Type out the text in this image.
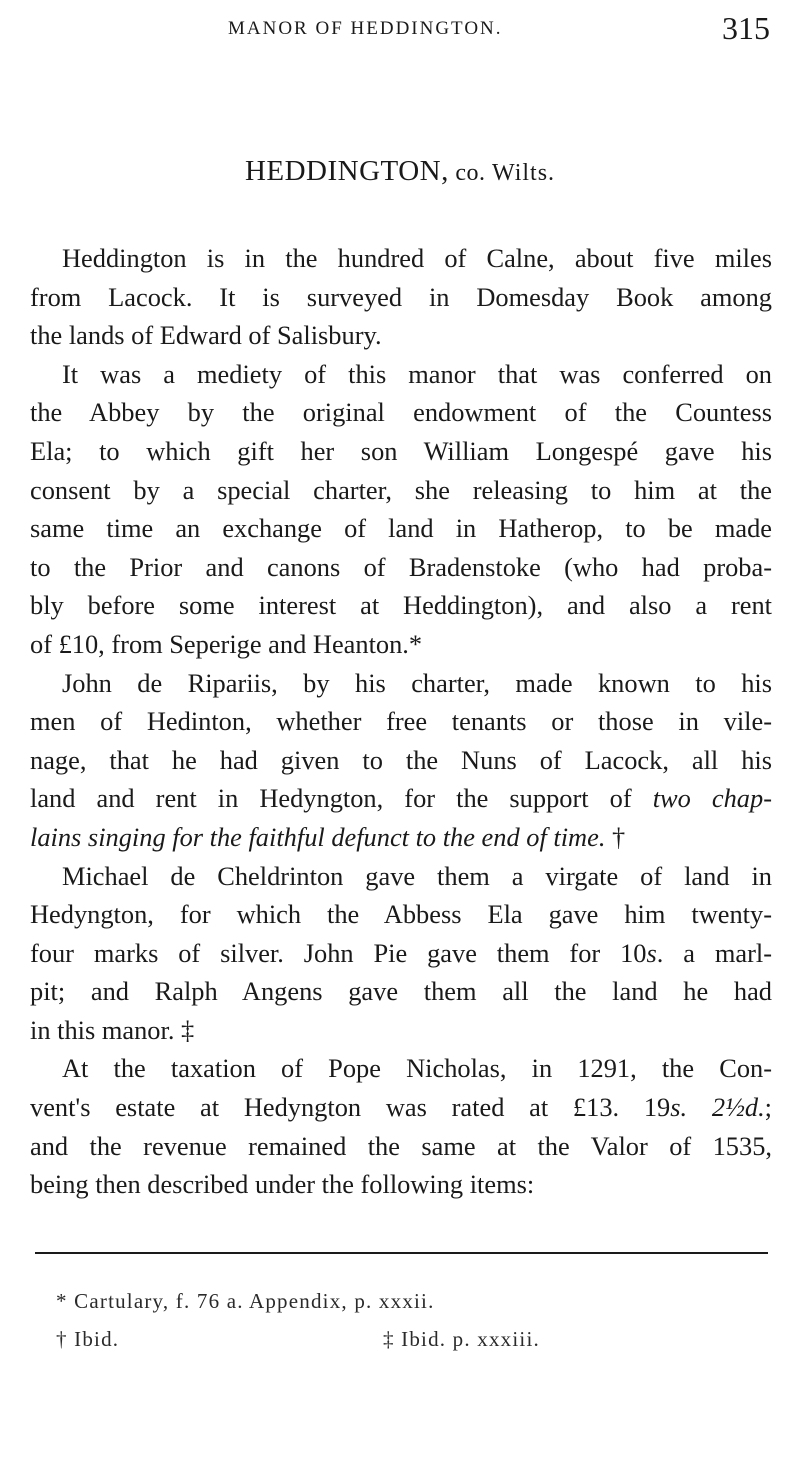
MANOR OF HEDDINGTON.	315
HEDDINGTON, co. Wilts.
Heddington is in the hundred of Calne, about five miles
from Lacock. It is surveyed in Domesday Book among
the lands of Edward of Salisbury.
It was a mediety of this manor that was conferred on
the Abbey by the original endowment of the Countess
Ela; to which gift her son William Longespé gave his
consent by a special charter, she releasing to him at the
same time an exchange of land in Hatherop, to be made
to the Prior and canons of Bradenstoke (who had proba-
bly before some interest at Heddington), and also a rent
of £10, from Seperige and Heanton.*
John de Ripariis, by his charter, made known to his
men of Hedinton, whether free tenants or those in vile-
nage, that he had given to the Nuns of Lacock, all his
land and rent in Hedyngton, for the support of two chap-
lains singing for the faithful defunct to the end of time. †
Michael de Cheldrinton gave them a virgate of land in
Hedyngton, for which the Abbess Ela gave him twenty-
four marks of silver. John Pie gave them for 10s. a marl-
pit; and Ralph Angens gave them all the land he had
in this manor. ‡
At the taxation of Pope Nicholas, in 1291, the Con-
vent's estate at Hedyngton was rated at £13. 19s. 2½d.;
and the revenue remained the same at the Valor of 1535,
being then described under the following items:
* Cartulary, f. 76 a. Appendix, p. xxxii.
† Ibid.	‡ Ibid. p. xxxiii.
